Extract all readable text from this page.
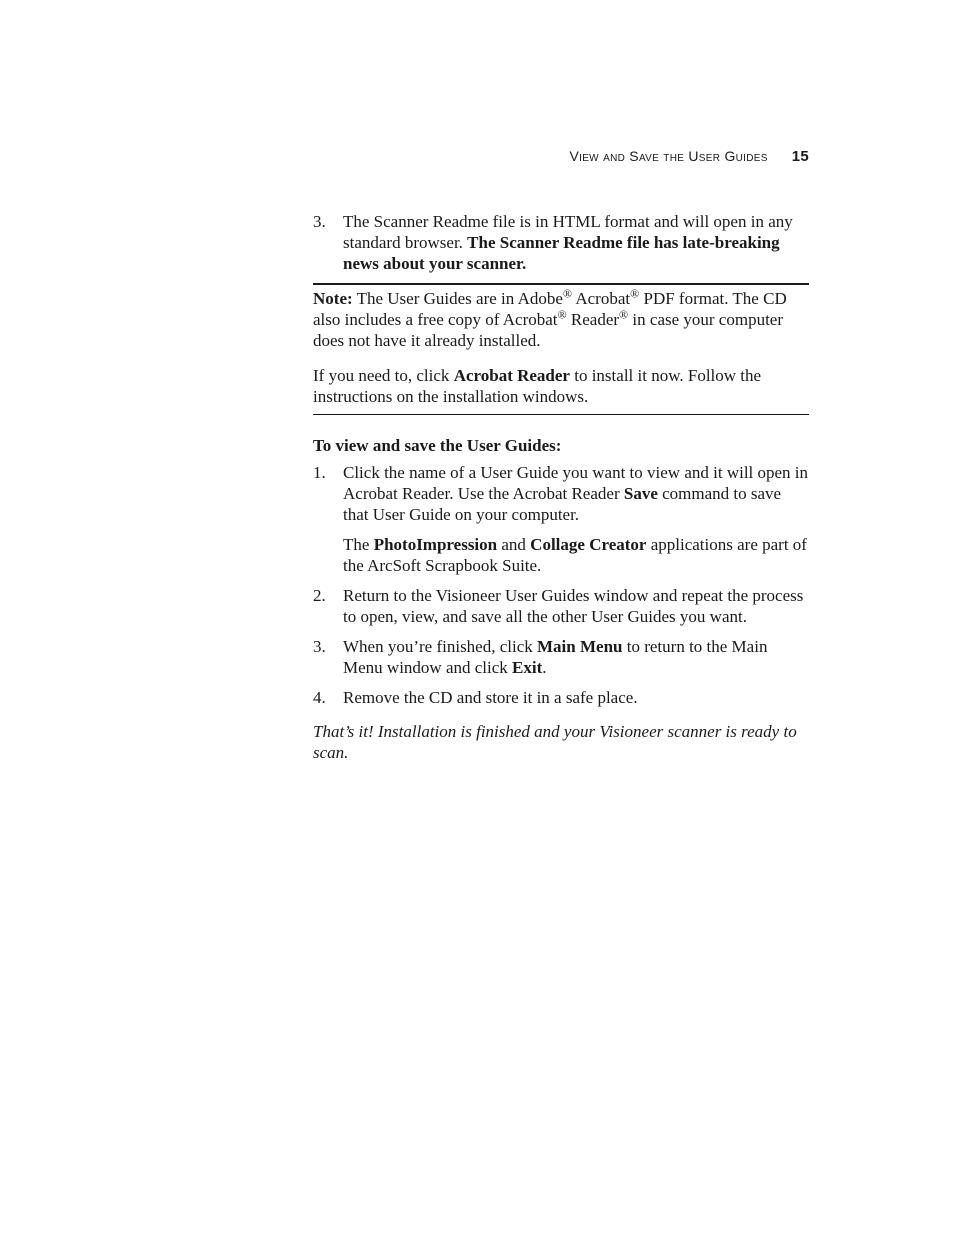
View and Save the User Guides 15
3. The Scanner Readme file is in HTML format and will open in any standard browser. The Scanner Readme file has late-breaking news about your scanner.
Note: The User Guides are in Adobe® Acrobat® PDF format. The CD also includes a free copy of Acrobat® Reader® in case your computer does not have it already installed.
If you need to, click Acrobat Reader to install it now. Follow the instructions on the installation windows.
To view and save the User Guides:
1. Click the name of a User Guide you want to view and it will open in Acrobat Reader. Use the Acrobat Reader Save command to save that User Guide on your computer.
The PhotoImpression and Collage Creator applications are part of the ArcSoft Scrapbook Suite.
2. Return to the Visioneer User Guides window and repeat the process to open, view, and save all the other User Guides you want.
3. When you’re finished, click Main Menu to return to the Main Menu window and click Exit.
4. Remove the CD and store it in a safe place.
That’s it! Installation is finished and your Visioneer scanner is ready to scan.
